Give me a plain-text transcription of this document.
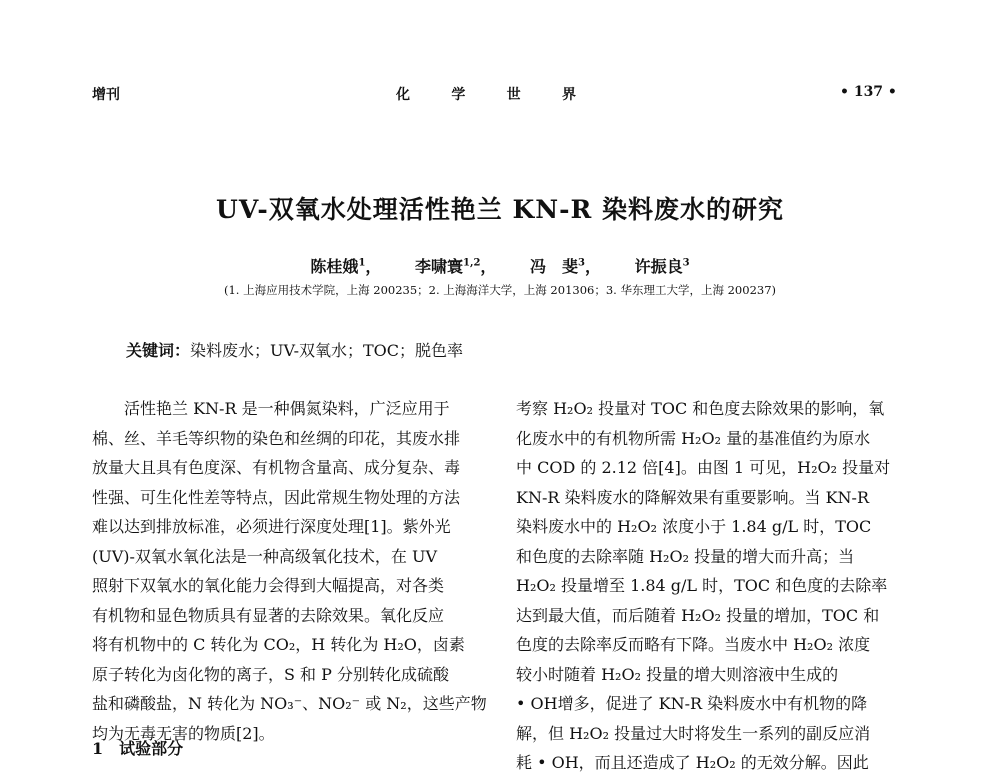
增刊	化	学	世	界	• 137 •
UV-双氧水处理活性艳兰 KN-R 染料废水的研究
陈桂娥$^1$， 李啸寰$^{1,2}$， 冯　斐$^3$， 许振良$^3$
(1. 上海应用技术学院，上海 200235；2. 上海海洋大学，上海 201306；3. 华东理工大学，上海 200237)
关键词：染料废水；UV-双氧水；TOC；脱色率
　　活性艳兰 KN-R 是一种偶氮染料，广泛应用于
棉、丝、羊毛等织物的染色和丝绸的印花，其废水排
放量大且具有色度深、有机物含量高、成分复杂、毒
性强、可生化性差等特点，因此常规生物处理的方法
难以达到排放标准，必须进行深度处理[1]。紫外光
(UV)-双氧水氧化法是一种高级氧化技术，在 UV
照射下双氧水的氧化能力会得到大幅提高，对各类
有机物和显色物质具有显著的去除效果。氧化反应
将有机物中的 C 转化为 CO₂，H 转化为 H₂O，卤素
原子转化为卤化物的离子，S 和 P 分别转化成硫酸
盐和磷酸盐，N 转化为 NO₃⁻、NO₂⁻ 或 N₂，这些产物
均为无毒无害的物质[2]。
1　试验部分
考察 H₂O₂ 投量对 TOC 和色度去除效果的影响，氧
化废水中的有机物所需 H₂O₂ 量的基准值约为原水
中 COD 的 2.12 倍[4]。由图 1 可见，H₂O₂ 投量对
KN-R 染料废水的降解效果有重要影响。当 KN-R
染料废水中的 H₂O₂ 浓度小于 1.84 g/L 时，TOC
和色度的去除率随 H₂O₂ 投量的增大而升高；当
H₂O₂ 投量增至 1.84 g/L 时，TOC 和色度的去除率
达到最大值，而后随着 H₂O₂ 投量的增加，TOC 和
色度的去除率反而略有下降。当废水中 H₂O₂ 浓度
较小时随着 H₂O₂ 投量的增大则溶液中生成的
• OH增多，促进了 KN-R 染料废水中有机物的降
解，但 H₂O₂ 投量过大时将发生一系列的副反应消
耗 • OH，而且还造成了 H₂O₂ 的无效分解。因此
